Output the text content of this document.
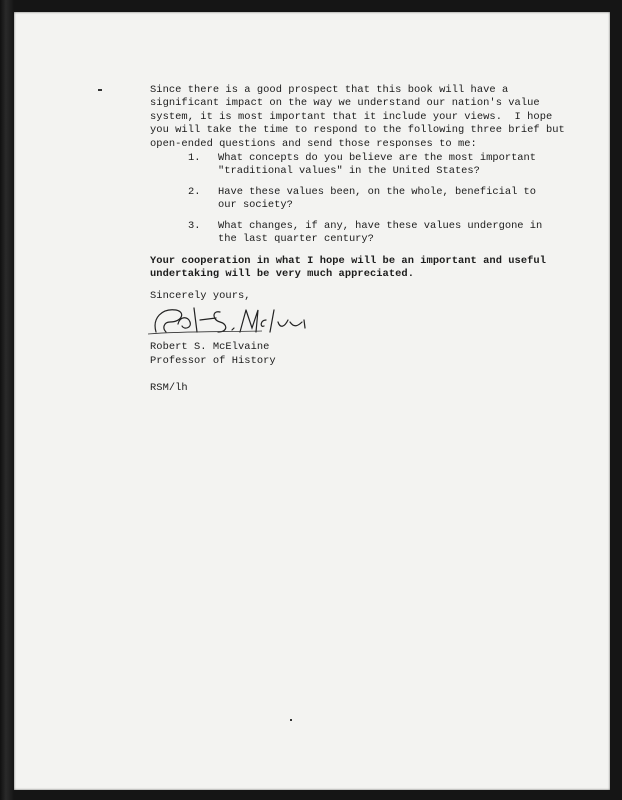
Since there is a good prospect that this book will have a
significant impact on the way we understand our nation's value
system, it is most important that it include your views.  I hope
you will take the time to respond to the following three brief but
open-ended questions and send those responses to me:
1. What concepts do you believe are the most important
"traditional values" in the United States?
2. Have these values been, on the whole, beneficial to
our society?
3. What changes, if any, have these values undergone in
the last quarter century?
Your cooperation in what I hope will be an important and useful
undertaking will be very much appreciated.
Sincerely yours,
Robert S. McElvaine
Professor of History
RSM/lh
